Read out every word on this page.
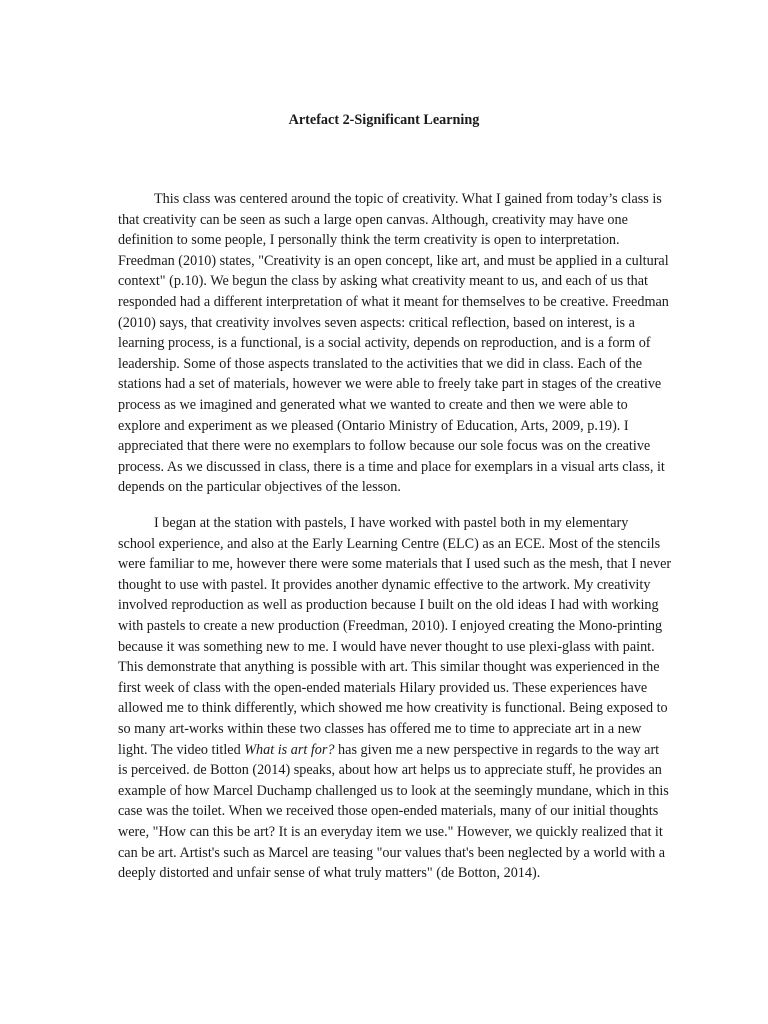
Artefact 2-Significant Learning
This class was centered around the topic of creativity. What I gained from today’s class is
that creativity can be seen as such a large open canvas. Although, creativity may have one
definition to some people, I personally think the term creativity is open to interpretation.
Freedman (2010) states, "Creativity is an open concept, like art, and must be applied in a cultural
context" (p.10). We begun the class by asking what creativity meant to us, and each of us that
responded had a different interpretation of what it meant for themselves to be creative. Freedman
(2010) says, that creativity involves seven aspects: critical reflection, based on interest, is a
learning process, is a functional, is a social activity, depends on reproduction, and is a form of
leadership. Some of those aspects translated to the activities that we did in class. Each of the
stations had a set of materials, however we were able to freely take part in stages of the creative
process as we imagined and generated what we wanted to create and then we were able to
explore and experiment as we pleased (Ontario Ministry of Education, Arts, 2009, p.19). I
appreciated that there were no exemplars to follow because our sole focus was on the creative
process. As we discussed in class, there is a time and place for exemplars in a visual arts class, it
depends on the particular objectives of the lesson.
I began at the station with pastels, I have worked with pastel both in my elementary
school experience, and also at the Early Learning Centre (ELC) as an ECE. Most of the stencils
were familiar to me, however there were some materials that I used such as the mesh, that I never
thought to use with pastel. It provides another dynamic effective to the artwork. My creativity
involved reproduction as well as production because I built on the old ideas I had with working
with pastels to create a new production (Freedman, 2010). I enjoyed creating the Mono-printing
because it was something new to me. I would have never thought to use plexi-glass with paint.
This demonstrate that anything is possible with art. This similar thought was experienced in the
first week of class with the open-ended materials Hilary provided us. These experiences have
allowed me to think differently, which showed me how creativity is functional. Being exposed to
so many art-works within these two classes has offered me to time to appreciate art in a new
light. The video titled What is art for? has given me a new perspective in regards to the way art
is perceived. de Botton (2014) speaks, about how art helps us to appreciate stuff, he provides an
example of how Marcel Duchamp challenged us to look at the seemingly mundane, which in this
case was the toilet. When we received those open-ended materials, many of our initial thoughts
were, "How can this be art? It is an everyday item we use." However, we quickly realized that it
can be art. Artist's such as Marcel are teasing "our values that's been neglected by a world with a
deeply distorted and unfair sense of what truly matters" (de Botton, 2014).
